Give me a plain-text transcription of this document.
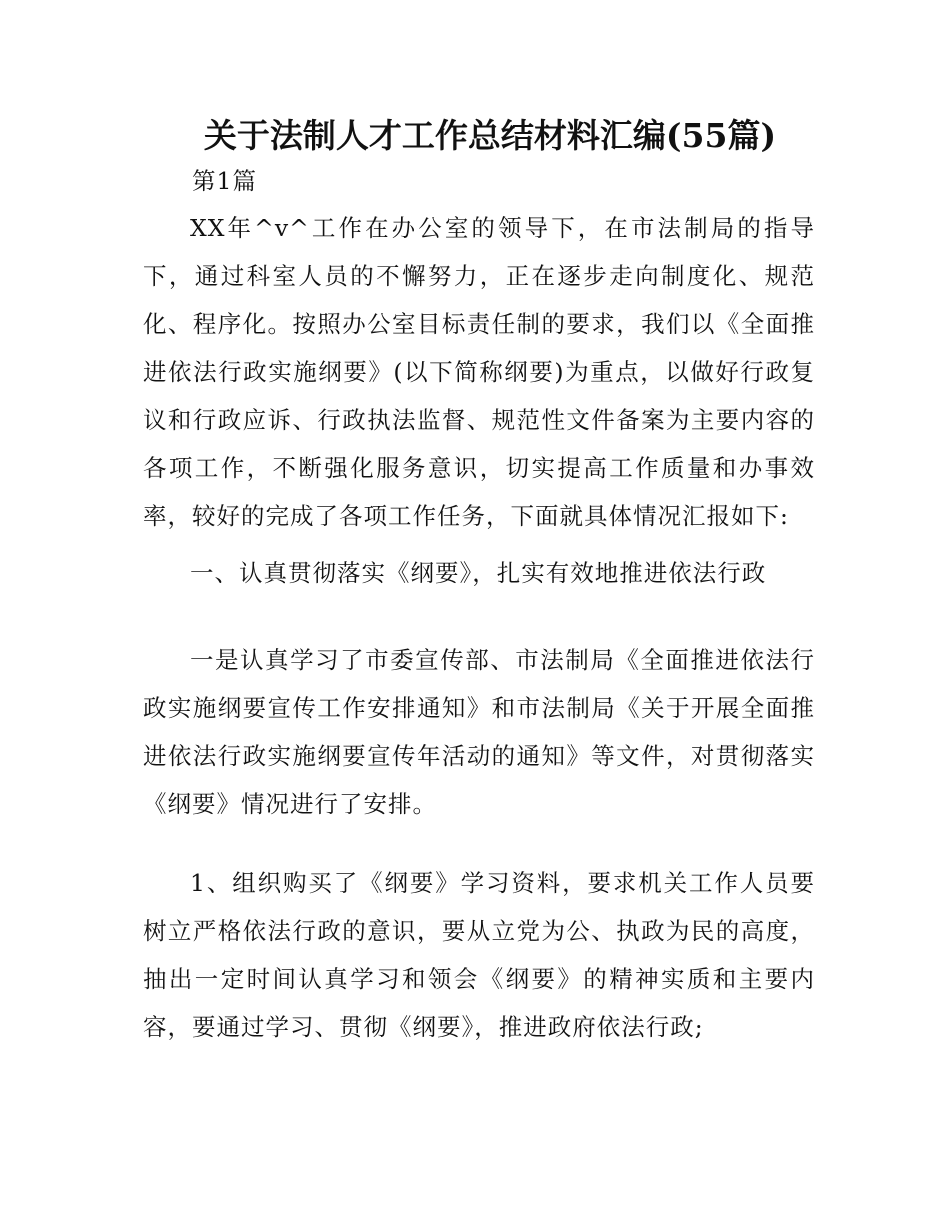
关于法制人才工作总结材料汇编(55篇)

第1篇

XX年^v^工作在办公室的领导下，在市法制局的指导下，通过科室人员的不懈努力，正在逐步走向制度化、规范化、程序化。按照办公室目标责任制的要求，我们以《全面推进依法行政实施纲要》(以下简称纲要)为重点，以做好行政复议和行政应诉、行政执法监督、规范性文件备案为主要内容的各项工作，不断强化服务意识，切实提高工作质量和办事效率，较好的完成了各项工作任务，下面就具体情况汇报如下:

一、认真贯彻落实《纲要》，扎实有效地推进依法行政

一是认真学习了市委宣传部、市法制局《全面推进依法行政实施纲要宣传工作安排通知》和市法制局《关于开展全面推进依法行政实施纲要宣传年活动的通知》等文件，对贯彻落实《纲要》情况进行了安排。

1、组织购买了《纲要》学习资料，要求机关工作人员要树立严格依法行政的意识，要从立党为公、执政为民的高度，抽出一定时间认真学习和领会《纲要》的精神实质和主要内容，要通过学习、贯彻《纲要》，推进政府依法行政;
